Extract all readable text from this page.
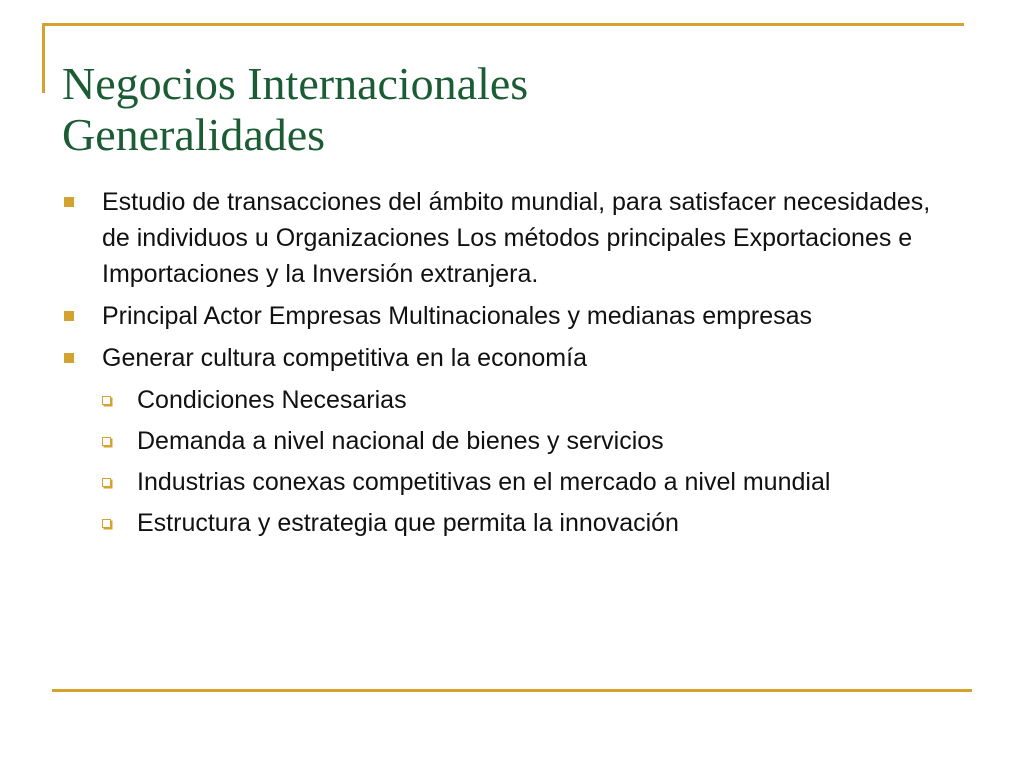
Negocios Internacionales
Generalidades
Estudio de transacciones del ámbito mundial, para satisfacer necesidades, de individuos u Organizaciones Los métodos principales Exportaciones e Importaciones y la Inversión extranjera.
Principal Actor Empresas Multinacionales y medianas empresas
Generar cultura competitiva en la economía
Condiciones Necesarias
Demanda a nivel nacional de bienes y servicios
Industrias conexas competitivas en el mercado a nivel mundial
Estructura y estrategia que permita la innovación
